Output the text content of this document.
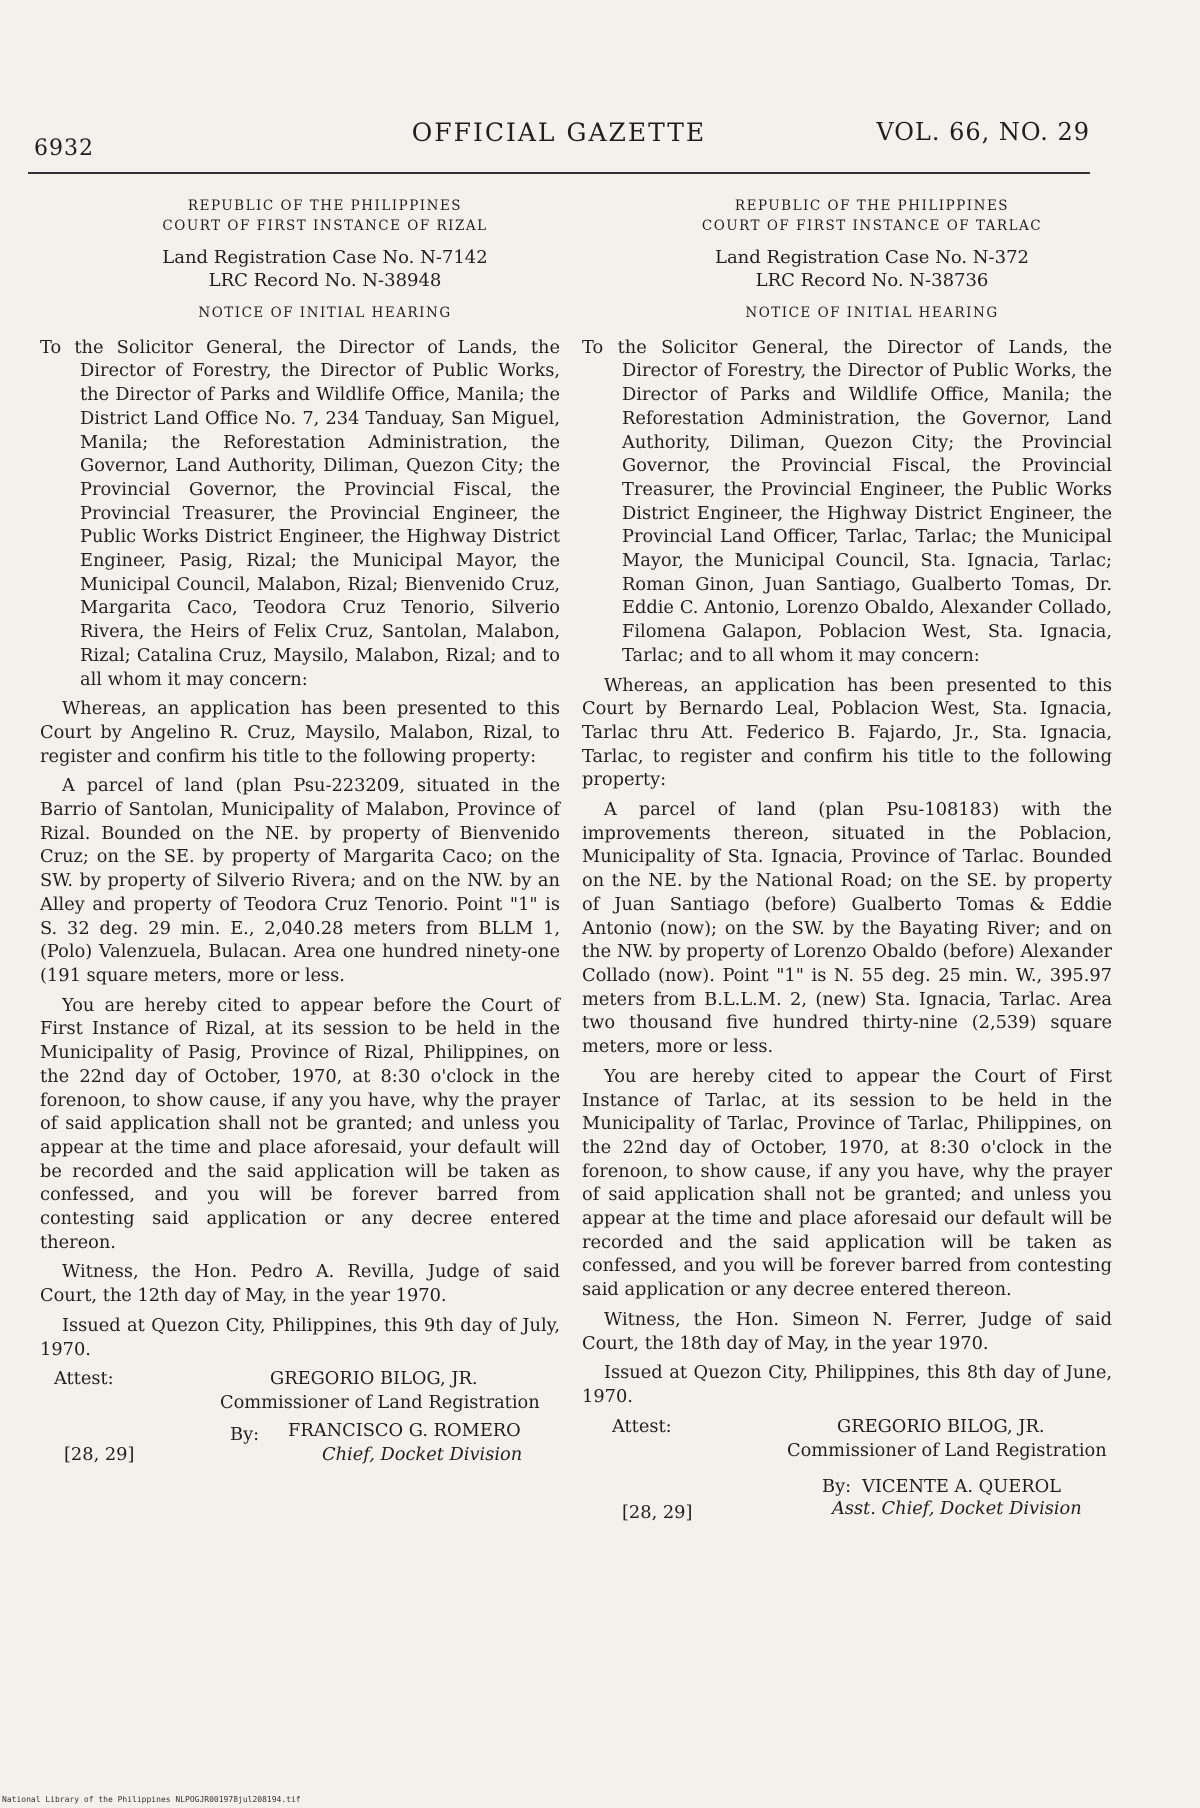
6932
OFFICIAL GAZETTE	VOL. 66, NO. 29
REPUBLIC OF THE PHILIPPINES
COURT OF FIRST INSTANCE OF RIZAL
Land Registration Case No. N-7142
LRC Record No. N-38948
NOTICE OF INITIAL HEARING

To the Solicitor General, the Director of Lands, the Director of Forestry, the Director of Public Works, the Director of Parks and Wildlife Office, Manila; the District Land Office No. 7, 234 Tanduay, San Miguel, Manila; the Reforestation Administration, the Governor, Land Authority, Diliman, Quezon City; the Provincial Governor, the Provincial Fiscal, the Provincial Treasurer, the Provincial Engineer, the Public Works District Engineer, the Highway District Engineer, Pasig, Rizal; the Municipal Mayor, the Municipal Council, Malabon, Rizal; Bienvenido Cruz, Margarita Caco, Teodora Cruz Tenorio, Silverio Rivera, the Heirs of Felix Cruz, Santolan, Malabon, Rizal; Catalina Cruz, Maysilo, Malabon, Rizal; and to all whom it may concern:

Whereas, an application has been presented to this Court by Angelino R. Cruz, Maysilo, Malabon, Rizal, to register and confirm his title to the following property:

A parcel of land (plan Psu-223209, situated in the Barrio of Santolan, Municipality of Malabon, Province of Rizal. Bounded on the NE. by property of Bienvenido Cruz; on the SE. by property of Margarita Caco; on the SW. by property of Silverio Rivera; and on the NW. by an Alley and property of Teodora Cruz Tenorio. Point "1" is S. 32 deg. 29 min. E., 2,040.28 meters from BLLM 1, (Polo) Valenzuela, Bulacan. Area one hundred ninety-one (191 square meters, more or less.

You are hereby cited to appear before the Court of First Instance of Rizal, at its session to be held in the Municipality of Pasig, Province of Rizal, Philippines, on the 22nd day of October, 1970, at 8:30 o'clock in the forenoon, to show cause, if any you have, why the prayer of said application shall not be granted; and unless you appear at the time and place aforesaid, your default will be recorded and the said application will be taken as confessed, and you will be forever barred from contesting said application or any decree entered thereon.

Witness, the Hon. Pedro A. Revilla, Judge of said Court, the 12th day of May, in the year 1970.

Issued at Quezon City, Philippines, this 9th day of July, 1970.

Attest:	GREGORIO BILOG, JR.
Commissioner of Land Registration
By: FRANCISCO G. ROMERO
[28, 29]	Chief, Docket Division
REPUBLIC OF THE PHILIPPINES
COURT OF FIRST INSTANCE OF TARLAC
Land Registration Case No. N-372
LRC Record No. N-38736
NOTICE OF INITIAL HEARING

To the Solicitor General, the Director of Lands, the Director of Forestry, the Director of Public Works, the Director of Parks and Wildlife Office, Manila; the Reforestation Administration, the Governor, Land Authority, Diliman, Quezon City; the Provincial Governor, the Provincial Fiscal, the Provincial Treasurer, the Provincial Engineer, the Public Works District Engineer, the Highway District Engineer, the Provincial Land Officer, Tarlac, Tarlac; the Municipal Mayor, the Municipal Council, Sta. Ignacia, Tarlac; Roman Ginon, Juan Santiago, Gualberto Tomas, Dr. Eddie C. Antonio, Lorenzo Obaldo, Alexander Collado, Filomena Galapon, Poblacion West, Sta. Ignacia, Tarlac; and to all whom it may concern:

Whereas, an application has been presented to this Court by Bernardo Leal, Poblacion West, Sta. Ignacia, Tarlac thru Att. Federico B. Fajardo, Jr., Sta. Ignacia, Tarlac, to register and confirm his title to the following property:

A parcel of land (plan Psu-108183) with the improvements thereon, situated in the Poblacion, Municipality of Sta. Ignacia, Province of Tarlac. Bounded on the NE. by the National Road; on the SE. by property of Juan Santiago (before) Gualberto Tomas & Eddie Antonio (now); on the SW. by the Bayating River; and on the NW. by property of Lorenzo Obaldo (before) Alexander Collado (now). Point "1" is N. 55 deg. 25 min. W., 395.97 meters from B.L.L.M. 2, (new) Sta. Ignacia, Tarlac. Area two thousand five hundred thirty-nine (2,539) square meters, more or less.

You are hereby cited to appear the Court of First Instance of Tarlac, at its session to be held in the Municipality of Tarlac, Province of Tarlac, Philippines, on the 22nd day of October, 1970, at 8:30 o'clock in the forenoon, to show cause, if any you have, why the prayer of said application shall not be granted; and unless you appear at the time and place aforesaid our default will be recorded and the said application will be taken as confessed, and you will be forever barred from contesting said application or any decree entered thereon.

Witness, the Hon. Simeon N. Ferrer, Judge of said Court, the 18th day of May, in the year 1970.

Issued at Quezon City, Philippines, this 8th day of June, 1970.

Attest:	GREGORIO BILOG, JR.
Commissioner of Land Registration
By: VICENTE A. QUEROL
[28, 29]	Asst. Chief, Docket Division
National Library of the Philippines NLPOGJR001978jul208194.tif
